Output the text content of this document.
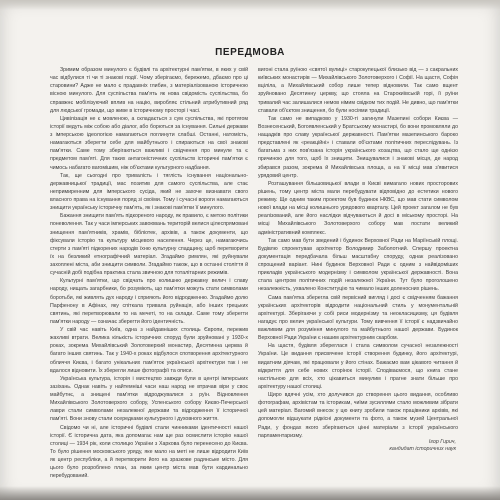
ПЕРЕДМОВА

Зримим образом минулого є будівлі та архітектурні пам'ятки, в яких у свій час відбулися ті чи ті знакові події. Чому зберігаємо, бережемо, дбаємо про ці старовини? Адже не мало є прадавніх глибин, з матеріалізованою історичною вісною минулого. Для суспільства пам'ять як нова свідомість суспільства, бо справжнє мобілізуючий вплив на націю, виробляє стільний атрибутивний ряд для людської громади, що живе в історичному просторі і часі.

Цивілізація не є мовленою, а складається з сум суспільства, які протягом історії ведуть між собою або діалог, або борються за існування. Сильні держави з імперською ідеологією намагаються поглинути слабші. Останні, натомість, намагаються зберегти себе для майбутнього і спираються на свої знакові пам'ятки. Саме тому зберігаються важливі і свідчення про минуле та є предметом пам'яті. Для таких антагоністичних суспільств історичні пам'ятки є чимось набагато вагомішим, ніж об'єктами культурного надбання.

Так, ще сьогодні про тривалість і тяглість існування національно-державницької традиції, мас позитив для самого суспільства, але стає непримиренним для імперського сусіда, який не захоче визнавати свого власного права на існування поряд зі своїми. Тому і сучасні вороги намагаються знищити українську історичну пам'ять, як і знакові пам'ятки її минулого.

Бажання знищити пам'ять підкореного народу, як правило, є метою політики поневолення. Так у часи імперських завоювань територій велися цілеспрямовані знищення пам'ятників, храмів, бібліотек, архівів, а також документи, що фіксували історію та культуру місцевого населення. Через це, намагаючись стерти з пам'яті підкорених народів їхню культурну спадщину, щоб перетворити їх на безликий етнографічний матеріал. Згадаймо римлян, які руйнували захоплені міста, аби знищити символи. Згадаймо також, що в останні століття й сучасній добі подібна практика стала звичною для тоталітарних режимів.

Культурні пам'ятки, що свідчать про колишню державну велич і славу народу, нищать загарбники, бо розуміють, що пам'ятки можуть стати символами боротьби, які живлять дух народу і сприяють його відродженню. Згадаймо долю Парфенону в Афінах, яку спіткала тривала руйнація, або інших грецьких святинь, які перетворювали то на мечеті, то на склади. Саме тому зберегти пам'ятки народу — означає зберегти його ідентичність.

У свій час навіть Київ, одна з найдавніших столиць Європи, пережив жахливі втрати. Велика кількість історичних споруд були зруйновані у 1930-х роках, зокрема Михайлівський Золотоверхий монастир, Десятинна церква й багато інших святинь. Так у 1940-х роках відбулося спотворення архітектурного обличчя Києва, і багато унікальних пам'яток української архітектури так і не вдалося відновити. Їх зберегли лише фотографії та описи.

Українська культура, історія і мистецтво завжди були в центрі імперських зазіхань. Однак навіть у найтемніші часи наш народ не втрачав віри у своє майбутнє, а знищені пам'ятки відроджувалися з руїн. Відновлення Михайлівського Золотоверхого собору, Успенського собору Києво-Печерської лаври стали символами незалежної держави та відродження її історичної пам'яті. Вони знову стали осередками культурного і духовного життя.

Свідомо чи ні, але історичні будівлі стали чинниками ідентичності нашої історії. Є історична дата, яка допомагає нам ще раз осмислити історію нашої столиці — 1934 рік, коли столицю України з Харкова було перенесено до Києва. То було рішення московського уряду, яке мало на меті не лише відродити Київ як центр республіки, а й перетворити його на зразкове радянське місто. Для цього було розроблено план, за яким центр міста мав бути кардинально перебудований.

вигоні стала руїною «святої вулиці» старокупецької близько від — з сакральних київських монастирів — Михайлівського Золотоверхого і Софії. На щастя, Софія вціліла, а Михайлівський собор лише тепер відновили. Так само вщент зруйновано Десятинну церкву, що стояла на Старокиївській горі, її руїни тривалий час залишалися немов німим свідком тих подій. Не дивно, що пам'ятки ставали об'єктом знищення, бо були носіями традиції.

Так само не випадково у 1930-ті загинули Мазепині собори Києва — Вознесенський, Богоявленський у Братському монастирі, бо вони промовляли до нащадків про славу української державності. Пам'ятки мазепинського бароко представлені як «реакційні» і ставали об'єктами політичних переслідувань. Із багатьма з них пов'язана історія українського козацтва, що стало ще однією причиною для того, щоб їх знищити. Знищувалися і знакові місця, де народ збирався разом, зокрема й Михайлівська площа, а на її місці мав з'явитися урядовий центр.

Розташування більшовицької влади в Києві вимагало нових просторових рішень, тому центр міста мали перебудувати відповідно до естетики нового режиму. Ще одним таким проектом був будинок НКВС, що мав стати символом нової влади на місці колишнього урядового кварталу. Цей проект загалом не був реалізований, але його наслідки відчуваються й досі в міському просторі. На місці Михайлівського Золотоверхого собору мав постати великий адміністративний комплекс.

Так само мав бути зведений і будинок Верховної Ради на Маріїнській площі. Будівлю спроектував архітектор Володимир Заболотний. Спершу проектна документація передбачала більш масштабну споруду, однак реалізовано спрощений варіант. Нині будинок Верховної Ради є одним з найвідоміших прикладів українського модернізму і символом української державності. Вона стала центром політичних подій незалежної України. Тут було проголошено незалежність, ухвалено Конституцію та чимало інших доленосних рішень.

Сама пам'ятка зберегла свій первісний вигляд і досі є свідченням бажання українських архітекторів відродити національний стиль у монументальній архітектурі. Зберігаючи у собі риси модернізму та неокласицизму, ця будівля нагадує про велич української культури. Тому вивчення її історії є надзвичайно важливим для розуміння минулого та майбутнього нашої держави. Будинок Верховної Ради України є нашим архітектурним скарбом.

На щастя, будівля збереглася і стала символом сучасної незалежності України. Це видання присвячене історії створення будинку, його архітектурі, видатним діячам, які працювали у його стінах. Бажаємо вам цікавого читання й відкриття для себе нових сторінок історії. Сподіваємося, що книга стане настільною для всіх, хто цікавиться минулим і прагне знати більше про архітектуру нашої столиці.

Щиро вдячні усім, хто долучився до створення цього видання, особливо фотографам, архівістам та історикам, чиїми зусиллями стало можливим зібрати цей матеріал. Вагомий внесок у цю книгу зробили також працівники архівів, які допомогли відшукати рідкісні документи та фото, а також музей Центральної Ради, у фондах якого зберігаються цінні матеріали з історії українського парламентаризму.

Ігор Гирич,
кандидат історичних наук
